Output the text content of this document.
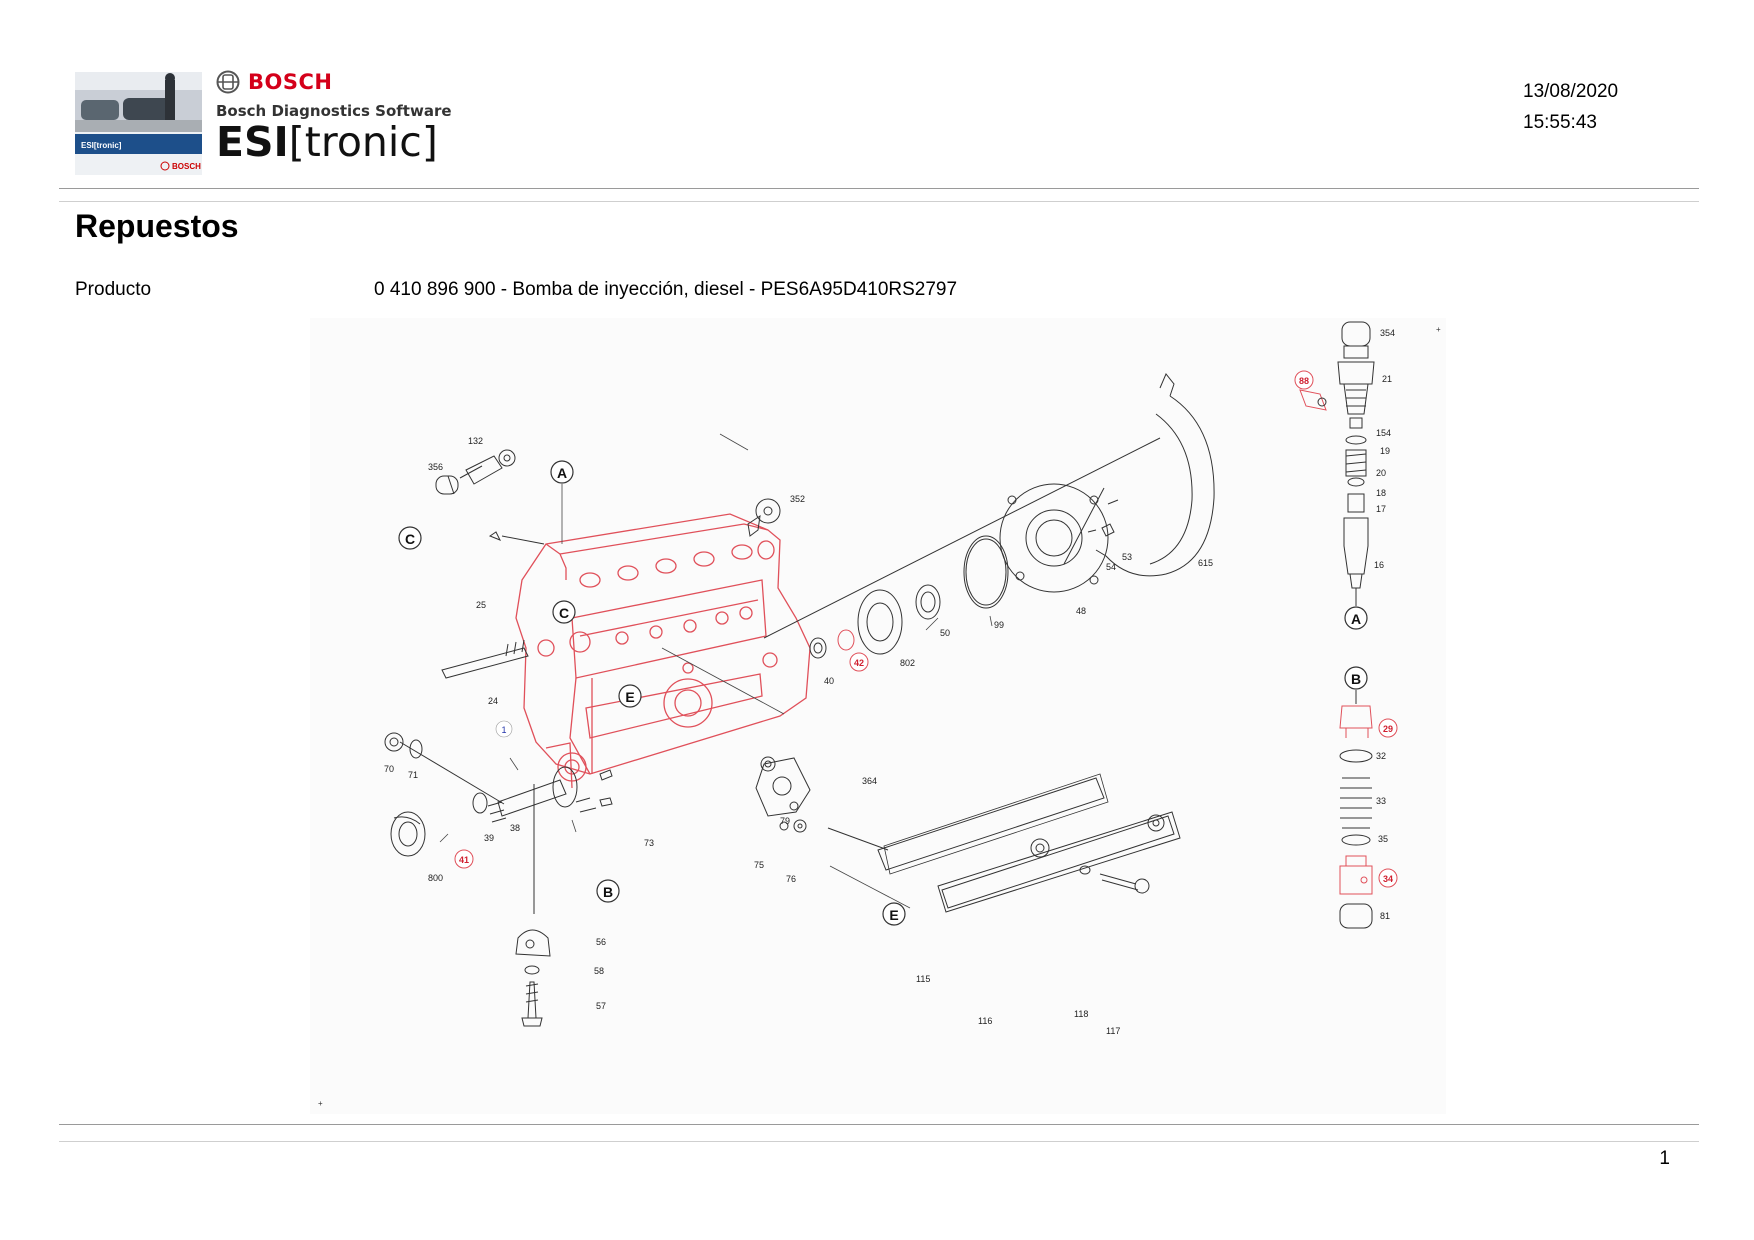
ESI[tronic]
BOSCH
BOSCH
Bosch Diagnostics Software
ESI[tronic]
13/08/2020
15:55:43
Repuestos
Producto	0 410 896 900 - Bomba de inyección, diesel - PES6A95D410RS2797
+
+
A
C
C
E
B
E
A
B
88
29
34
42
41
1
354
21
154
19
20
18
17
16
32
33
35
81
132
356
352
25
24
70
71
38
39
800
73
79
75
76
56
58
57
364
40
802
50
99
48
54
53
615
115
116
118
117
1
